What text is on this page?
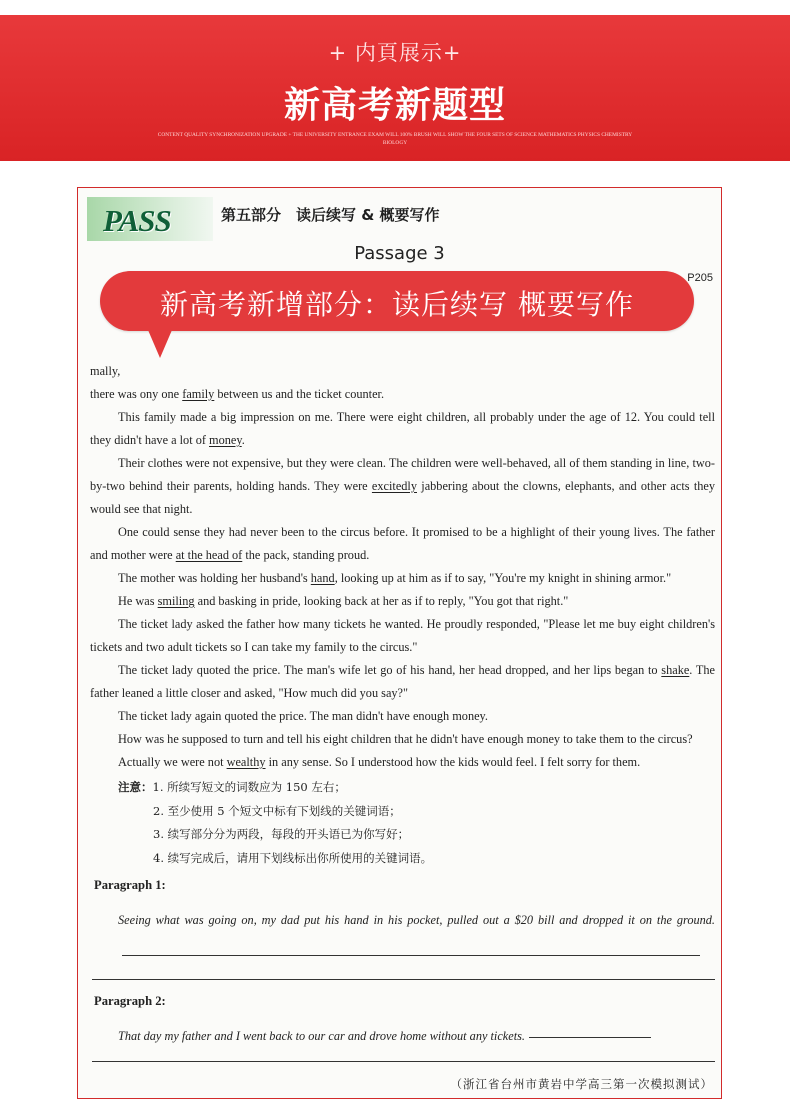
+ 内頁展示+
新高考新题型
CONTENT QUALITY SYNCHRONIZATION UPGRADE + THE UNIVERSITY ENTRANCE EXAM WILL 100% BRUSH WILL SHOW THE FOUR SETS OF SCIENCE MATHEMATICS PHYSICS CHEMISTRY BIOLOGY
PASS	第五部分　读后续写 & 概要写作
Passage 3
P205

mally,

there was ony one family between us and the ticket counter.

This family made a big impression on me. There were eight children, all probably under the age of 12. You could tell they didn't have a lot of money.

Their clothes were not expensive, but they were clean. The children were well-behaved, all of them standing in line, two-by-two behind their parents, holding hands. They were excitedly jabbering about the clowns, elephants, and other acts they would see that night.

One could sense they had never been to the circus before. It promised to be a highlight of their young lives. The father and mother were at the head of the pack, standing proud.

The mother was holding her husband's hand, looking up at him as if to say, "You're my knight in shining armor."

He was smiling and basking in pride, looking back at her as if to reply, "You got that right."

The ticket lady asked the father how many tickets he wanted. He proudly responded, "Please let me buy eight children's tickets and two adult tickets so I can take my family to the circus."

The ticket lady quoted the price. The man's wife let go of his hand, her head dropped, and her lips began to shake. The father leaned a little closer and asked, "How much did you say?"

The ticket lady again quoted the price. The man didn't have enough money.

How was he supposed to turn and tell his eight children that he didn't have enough money to take them to the circus?

Actually we were not wealthy in any sense. So I understood how the kids would feel. I felt sorry for them.

注意：1. 所续写短文的词数应为 150 左右；
2. 至少使用 5 个短文中标有下划线的关键词语；
3. 续写部分分为两段，每段的开头语已为你写好；
4. 续写完成后，请用下划线标出你所使用的关键词语。
Paragraph 1:
Seeing what was going on, my dad put his hand in his pocket, pulled out a $20 bill and dropped it on the ground.
Paragraph 2:
That day my father and I went back to our car and drove home without any tickets.
（浙江省台州市黄岩中学高三第一次模拟测试）
新高考新增部分：读后续写 概要写作
